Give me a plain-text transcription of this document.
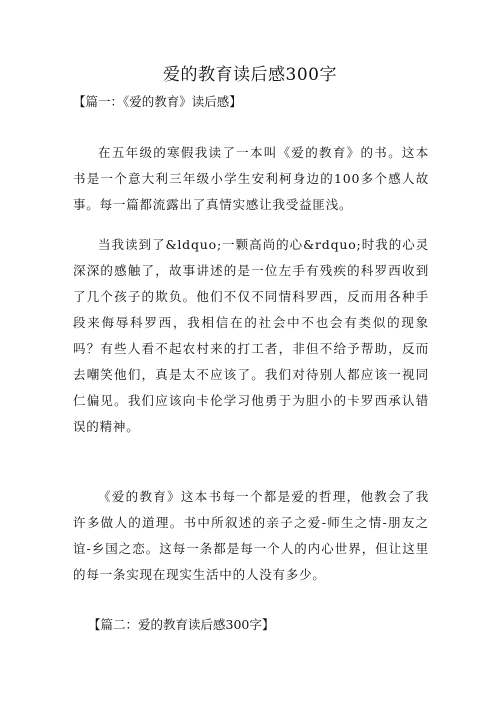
爱的教育读后感300字
【篇一：《爱的教育》读后感】

在五年级的寒假我读了一本叫《爱的教育》的书。这本书是一个意大利三年级小学生安利柯身边的100多个感人故事。每一篇都流露出了真情实感让我受益匪浅。

当我读到了&ldquo;一颗高尚的心&rdquo;时我的心灵深深的感触了，故事讲述的是一位左手有残疾的科罗西收到了几个孩子的欺负。他们不仅不同情科罗西，反而用各种手段来侮辱科罗西，我相信在的社会中不也会有类似的现象吗？有些人看不起农村来的打工者，非但不给予帮助，反而去嘲笑他们，真是太不应该了。我们对待别人都应该一视同仁偏见。我们应该向卡伦学习他勇于为胆小的卡罗西承认错误的精神。

《爱的教育》这本书每一个都是爱的哲理，他教会了我许多做人的道理。书中所叙述的亲子之爱-师生之情-朋友之谊-乡国之恋。这每一条都是每一个人的内心世界，但让这里的每一条实现在现实生活中的人没有多少。

【篇二：爱的教育读后感300字】
